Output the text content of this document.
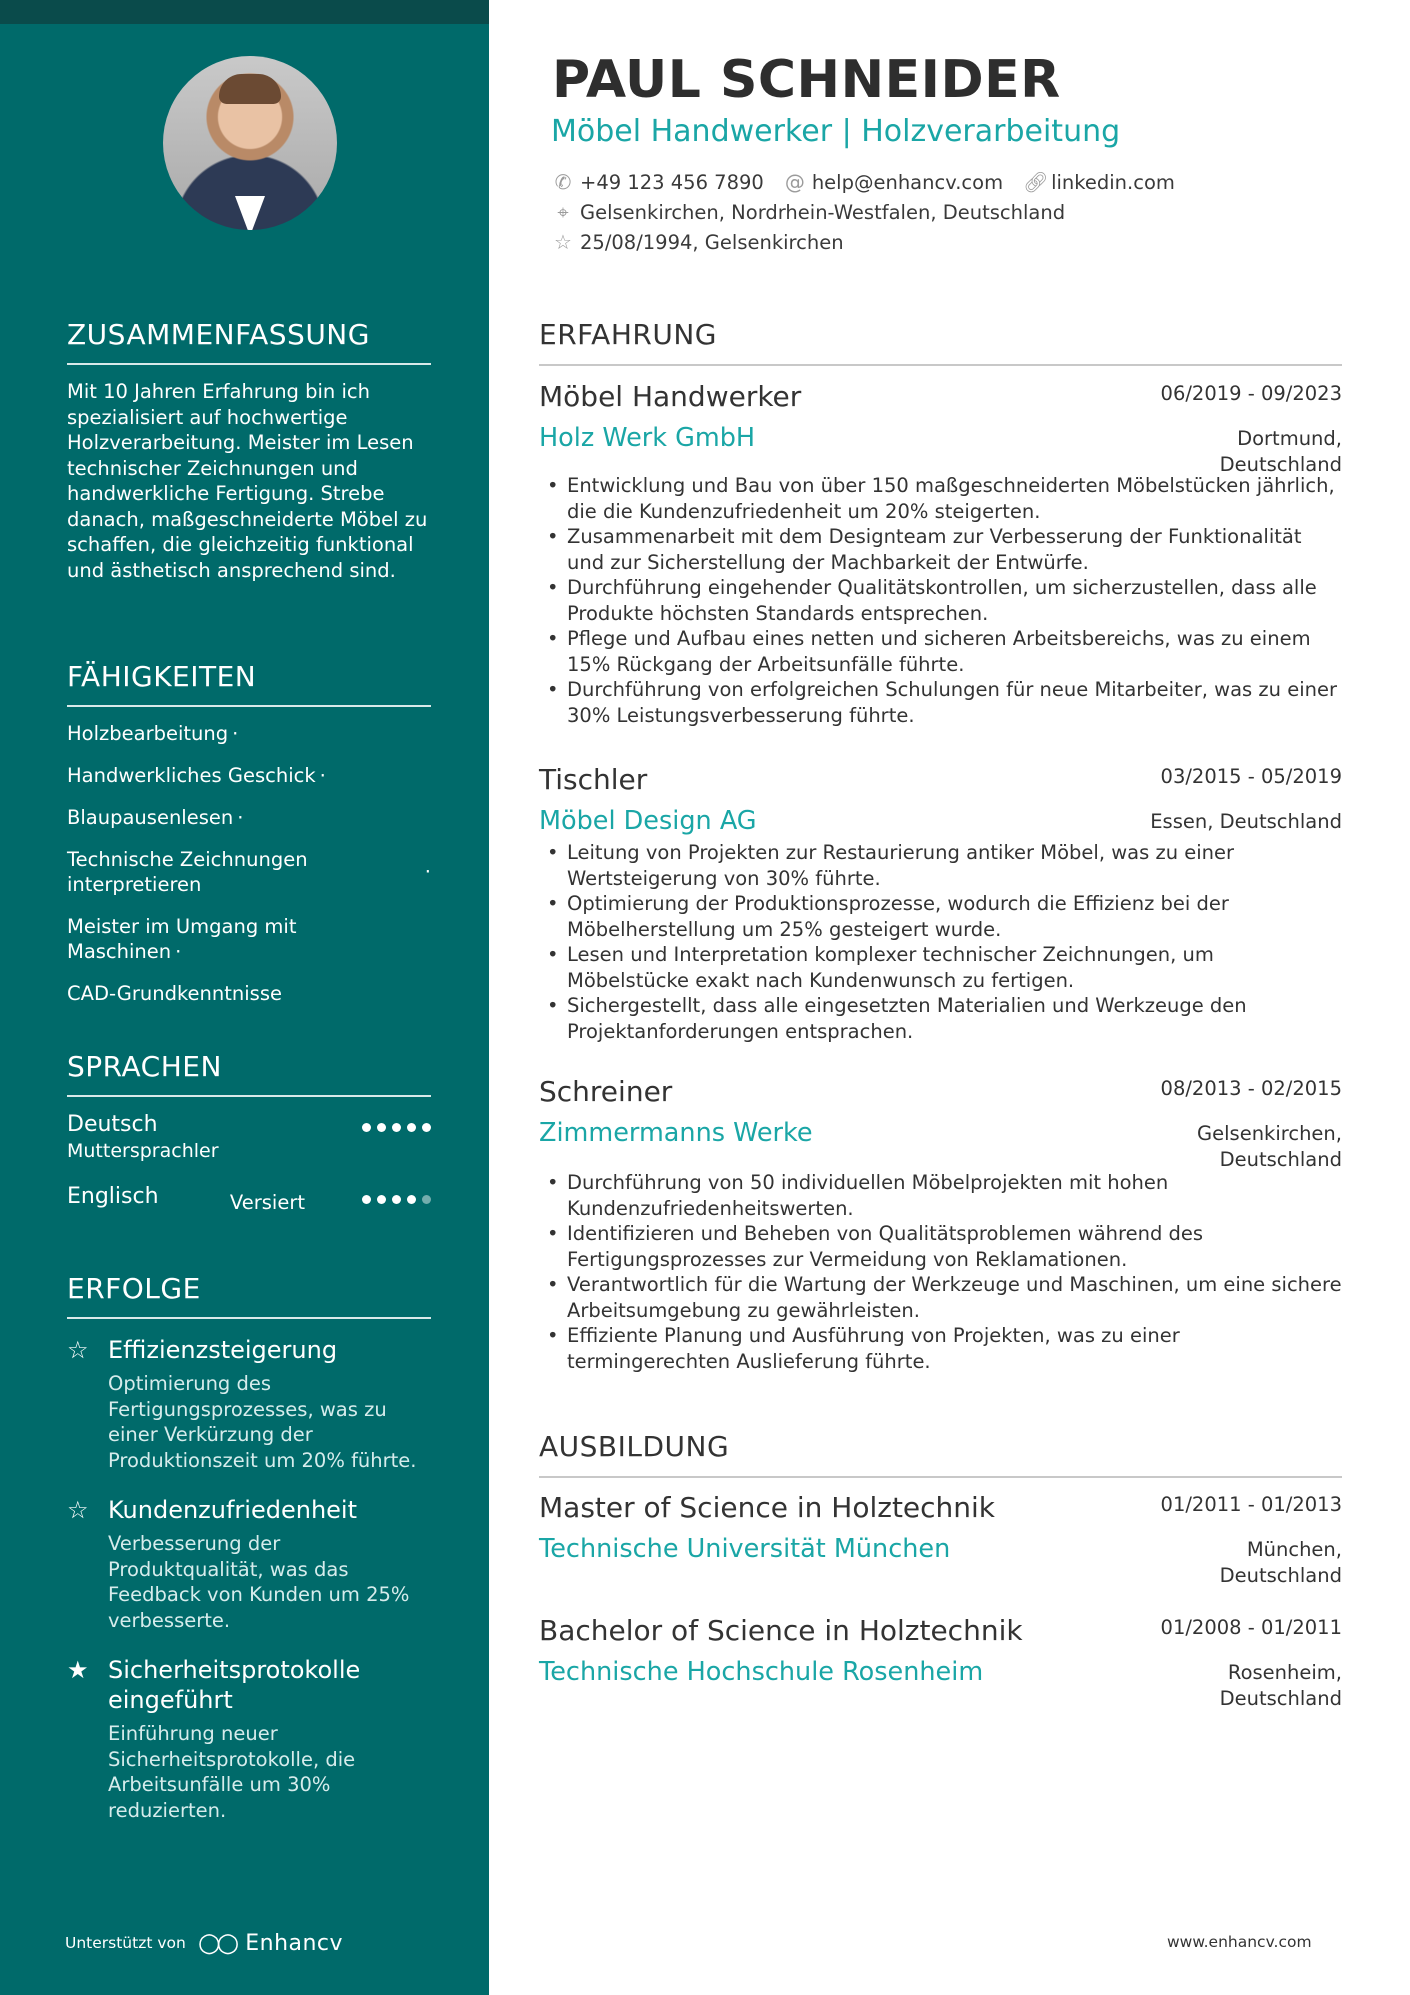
ZUSAMMENFASSUNG
Mit 10 Jahren Erfahrung bin ich spezialisiert auf hochwertige Holzverarbeitung. Meister im Lesen technischer Zeichnungen und handwerkliche Fertigung. Strebe danach, maßgeschneiderte Möbel zu schaffen, die gleichzeitig funktional und ästhetisch ansprechend sind.
FÄHIGKEITEN
Holzbearbeitung ·
Handwerkliches Geschick ·
Blaupausenlesen ·
Technische Zeichnungen interpretieren
·
Meister im Umgang mit Maschinen ·
CAD-Grundkenntnisse
SPRACHEN
Deutsch
Muttersprachler
Englisch	Versiert
ERFOLGE
☆ Effizienzsteigerung
Optimierung des Fertigungsprozesses, was zu einer Verkürzung der Produktionszeit um 20% führte.
☆ Kundenzufriedenheit
Verbesserung der Produktqualität, was das Feedback von Kunden um 25% verbesserte.
★ Sicherheitsprotokolle eingeführt
Einführung neuer Sicherheitsprotokolle, die Arbeitsunfälle um 30% reduzierten.
Unterstützt von ○○ Enhancv
PAUL SCHNEIDER
Möbel Handwerker | Holzverarbeitung
✆ +49 123 456 7890 @ help@enhancv.com 🔗︎ linkedin.com
⌖ Gelsenkirchen, Nordrhein-Westfalen, Deutschland
☆ 25/08/1994, Gelsenkirchen
ERFAHRUNG
Möbel Handwerker	06/2019 - 09/2023
Holz Werk GmbH	Dortmund,
Deutschland
• Entwicklung und Bau von über 150 maßgeschneiderten Möbelstücken jährlich, die die Kundenzufriedenheit um 20% steigerten.
• Zusammenarbeit mit dem Designteam zur Verbesserung der Funktionalität und zur Sicherstellung der Machbarkeit der Entwürfe.
• Durchführung eingehender Qualitätskontrollen, um sicherzustellen, dass alle Produkte höchsten Standards entsprechen.
• Pflege und Aufbau eines netten und sicheren Arbeitsbereichs, was zu einem 15% Rückgang der Arbeitsunfälle führte.
• Durchführung von erfolgreichen Schulungen für neue Mitarbeiter, was zu einer 30% Leistungsverbesserung führte.
Tischler	03/2015 - 05/2019
Möbel Design AG	Essen, Deutschland
• Leitung von Projekten zur Restaurierung antiker Möbel, was zu einer Wertsteigerung von 30% führte.
• Optimierung der Produktionsprozesse, wodurch die Effizienz bei der Möbelherstellung um 25% gesteigert wurde.
• Lesen und Interpretation komplexer technischer Zeichnungen, um Möbelstücke exakt nach Kundenwunsch zu fertigen.
• Sichergestellt, dass alle eingesetzten Materialien und Werkzeuge den Projektanforderungen entsprachen.
Schreiner	08/2013 - 02/2015
Zimmermanns Werke	Gelsenkirchen,
Deutschland
• Durchführung von 50 individuellen Möbelprojekten mit hohen Kundenzufriedenheitswerten.
• Identifizieren und Beheben von Qualitätsproblemen während des Fertigungsprozesses zur Vermeidung von Reklamationen.
• Verantwortlich für die Wartung der Werkzeuge und Maschinen, um eine sichere Arbeitsumgebung zu gewährleisten.
• Effiziente Planung und Ausführung von Projekten, was zu einer termingerechten Auslieferung führte.
AUSBILDUNG
Master of Science in Holztechnik	01/2011 - 01/2013
Technische Universität München	München,
Deutschland
Bachelor of Science in Holztechnik	01/2008 - 01/2011
Technische Hochschule Rosenheim	Rosenheim,
Deutschland
www.enhancv.com
